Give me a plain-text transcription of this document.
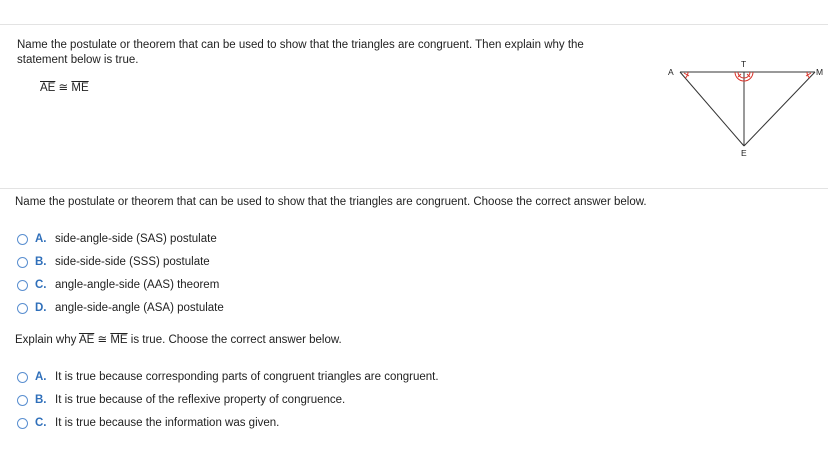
Name the postulate or theorem that can be used to show that the triangles are congruent. Then explain why the
statement below is true.
$\overline{AE}$ ≅ $\overline{ME}$
A
T
M
E
Name the postulate or theorem that can be used to show that the triangles are congruent. Choose the correct answer below.
A. side-angle-side (SAS) postulate
B. side-side-side (SSS) postulate
C. angle-angle-side (AAS) theorem
D. angle-side-angle (ASA) postulate
Explain why $\overline{AE}$ ≅ $\overline{ME}$ is true. Choose the correct answer below.
A. It is true because corresponding parts of congruent triangles are congruent.
B. It is true because of the reflexive property of congruence.
C. It is true because the information was given.
